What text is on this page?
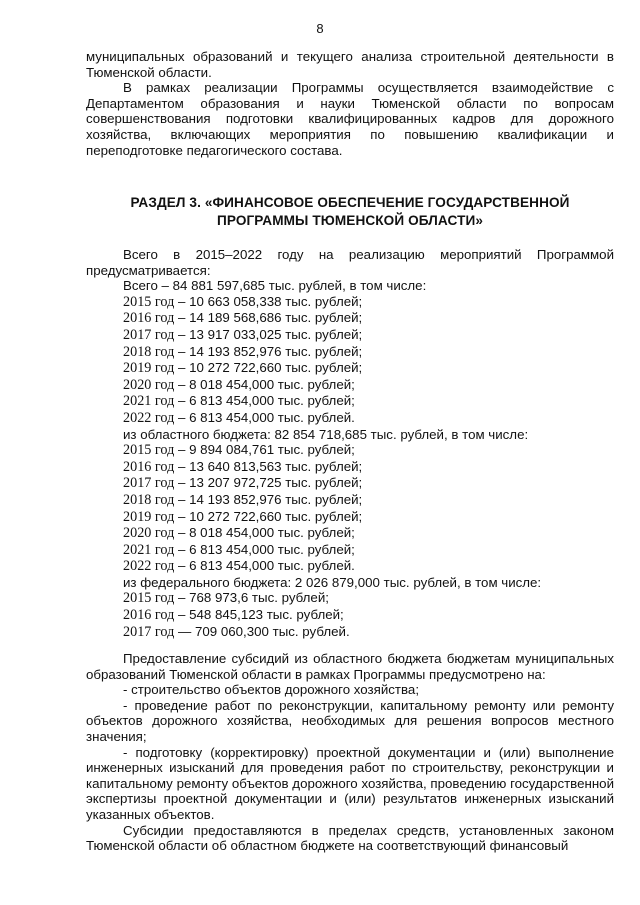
8

муниципальных образований и текущего анализа строительной деятельности в Тюменской области.

В рамках реализации Программы осуществляется взаимодействие с Департаментом образования и науки Тюменской области по вопросам совершенствования подготовки квалифицированных кадров для дорожного хозяйства, включающих мероприятия по повышению квалификации и переподготовке педагогического состава.

РАЗДЕЛ 3. «ФИНАНСОВОЕ ОБЕСПЕЧЕНИЕ ГОСУДАРСТВЕННОЙ

ПРОГРАММЫ ТЮМЕНСКОЙ ОБЛАСТИ»

Всего в 2015–2022 году на реализацию мероприятий Программой предусматривается:

Всего – 84 881 597,685 тыс. рублей, в том числе:

2015 год – 10 663 058,338 тыс. рублей;

2016 год – 14 189 568,686 тыс. рублей;

2017 год – 13 917 033,025 тыс. рублей;

2018 год – 14 193 852,976 тыс. рублей;

2019 год – 10 272 722,660 тыс. рублей;

2020 год – 8 018 454,000 тыс. рублей;

2021 год – 6 813 454,000 тыс. рублей;

2022 год – 6 813 454,000 тыс. рублей.

из областного бюджета: 82 854 718,685 тыс. рублей, в том числе:

2015 год – 9 894 084,761 тыс. рублей;

2016 год – 13 640 813,563 тыс. рублей;

2017 год – 13 207 972,725 тыс. рублей;

2018 год – 14 193 852,976 тыс. рублей;

2019 год – 10 272 722,660 тыс. рублей;

2020 год – 8 018 454,000 тыс. рублей;

2021 год – 6 813 454,000 тыс. рублей;

2022 год – 6 813 454,000 тыс. рублей.

из федерального бюджета: 2 026 879,000 тыс. рублей, в том числе:

2015 год – 768 973,6 тыс. рублей;

2016 год – 548 845,123 тыс. рублей;

2017 год — 709 060,300 тыс. рублей.

Предоставление субсидий из областного бюджета бюджетам муниципальных образований Тюменской области в рамках Программы предусмотрено на:

- строительство объектов дорожного хозяйства;

- проведение работ по реконструкции, капитальному ремонту или ремонту объектов дорожного хозяйства, необходимых для решения вопросов местного значения;

- подготовку (корректировку) проектной документации и (или) выполнение инженерных изысканий для проведения работ по строительству, реконструкции и капитальному ремонту объектов дорожного хозяйства, проведению государственной экспертизы проектной документации и (или) результатов инженерных изысканий указанных объектов.

Субсидии предоставляются в пределах средств, установленных законом Тюменской области об областном бюджете на соответствующий финансовый
